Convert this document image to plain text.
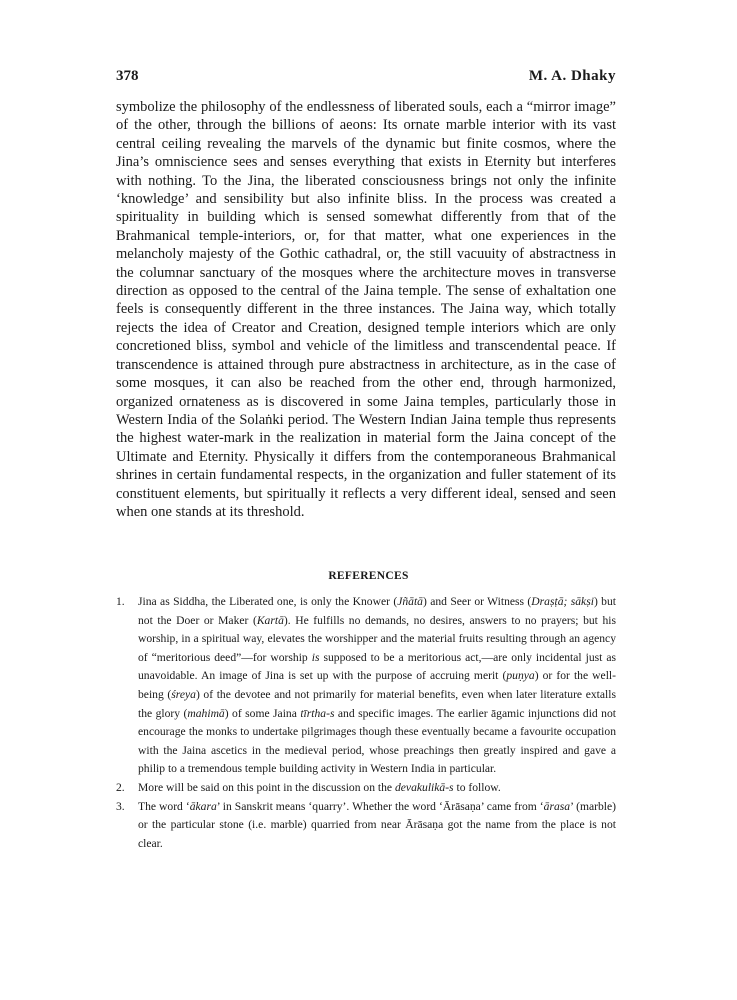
378	M. A. Dhaky

symbolize the philosophy of the endlessness of liberated souls, each a “mirror image” of the other, through the billions of aeons: Its ornate marble interior with its vast central ceiling revealing the marvels of the dynamic but finite cosmos, where the Jina’s omniscience sees and senses everything that exists in Eternity but interferes with nothing. To the Jina, the liberated consciousness brings not only the infinite ‘knowledge’ and sensibility but also infinite bliss. In the process was created a spirituality in building which is sensed somewhat differently from that of the Brahmanical temple-interiors, or, for that matter, what one experiences in the melancholy majesty of the Gothic cathadral, or, the still vacuuity of abstractness in the columnar sanctuary of the mosques where the architecture moves in transverse direction as opposed to the central of the Jaina temple. The sense of exhaltation one feels is consequently different in the three instances. The Jaina way, which totally rejects the idea of Creator and Creation, designed temple interiors which are only concretioned bliss, symbol and vehicle of the limitless and transcendental peace. If transcendence is attained through pure abstractness in architecture, as in the case of some mosques, it can also be reached from the other end, through harmonized, organized ornateness as is discovered in some Jaina temples, particularly those in Western India of the Solaṅki period. The Western Indian Jaina temple thus represents the highest water-mark in the realization in material form the Jaina concept of the Ultimate and Eternity. Physically it differs from the contemporaneous Brahmanical shrines in certain fundamental respects, in the organization and fuller statement of its constituent elements, but spiritually it reflects a very different ideal, sensed and seen when one stands at its threshold.

REFERENCES
1. Jina as Siddha, the Liberated one, is only the Knower (Jñātā) and Seer or Witness (Draṣṭā; sākṣi) but not the Doer or Maker (Kartā). He fulfills no demands, no desires, answers to no prayers; but his worship, in a spiritual way, elevates the worshipper and the material fruits resulting through an agency of “meritorious deed”—for worship is supposed to be a meritorious act,—are only incidental just as unavoidable. An image of Jina is set up with the purpose of accruing merit (puṇya) or for the well-being (śreya) of the devotee and not primarily for material benefits, even when later literature extalls the glory (mahimā) of some Jaina tīrtha-s and specific images. The earlier āgamic injunctions did not encourage the monks to undertake pilgrimages though these eventually became a favourite occupation with the Jaina ascetics in the medieval period, whose preachings then greatly inspired and gave a philip to a tremendous temple building activity in Western India in particular.
2. More will be said on this point in the discussion on the devakulikā-s to follow.
3. The word ‘ākara’ in Sanskrit means ‘quarry’. Whether the word ‘Ārāsaṇa’ came from ‘ārasa’ (marble) or the particular stone (i.e. marble) quarried from near Ārāsaṇa got the name from the place is not clear.
